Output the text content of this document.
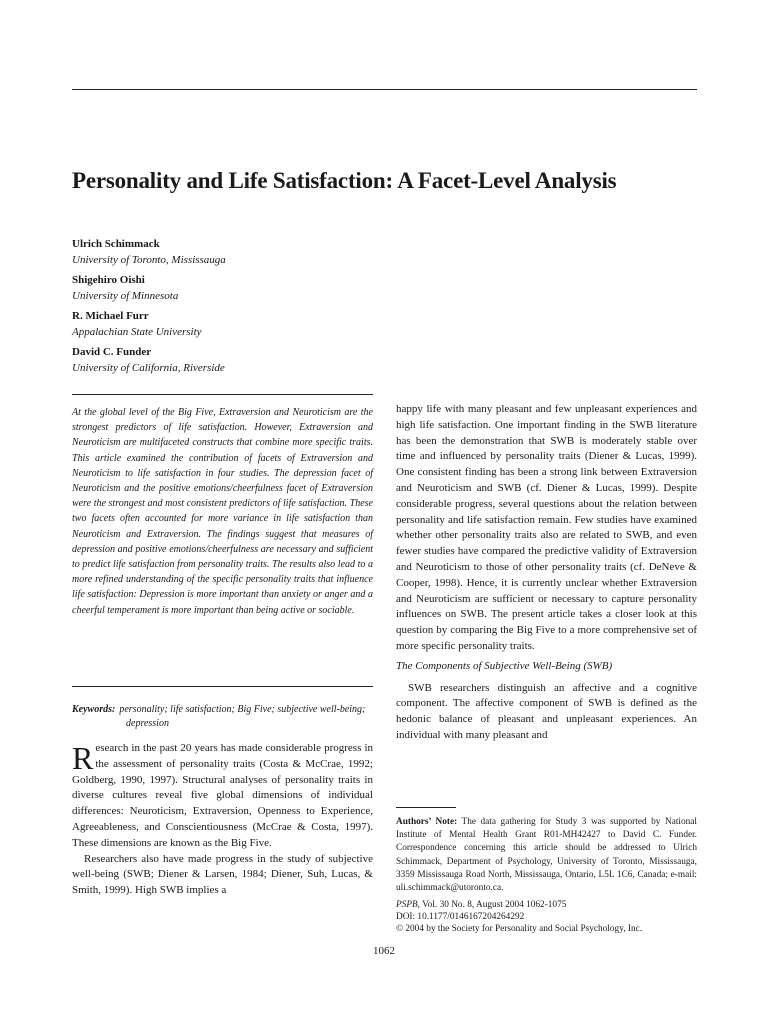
Personality and Life Satisfaction: A Facet-Level Analysis
Ulrich Schimmack
University of Toronto, Mississauga
Shigehiro Oishi
University of Minnesota
R. Michael Furr
Appalachian State University
David C. Funder
University of California, Riverside

At the global level of the Big Five, Extraversion and Neuroticism are the strongest predictors of life satisfaction. However, Extraversion and Neuroticism are multifaceted constructs that combine more specific traits. This article examined the contribution of facets of Extraversion and Neuroticism to life satisfaction in four studies. The depression facet of Neuroticism and the positive emotions/cheerfulness facet of Extraversion were the strongest and most consistent predictors of life satisfaction. These two facets often accounted for more variance in life satisfaction than Neuroticism and Extraversion. The findings suggest that measures of depression and positive emotions/cheerfulness are necessary and sufficient to predict life satisfaction from personality traits. The results also lead to a more refined understanding of the specific personality traits that influence life satisfaction: Depression is more important than anxiety or anger and a cheerful temperament is more important than being active or sociable.

Keywords: personality; life satisfaction; Big Five; subjective well-being; depression

Research in the past 20 years has made considerable progress in the assessment of personality traits (Costa & McCrae, 1992; Goldberg, 1990, 1997). Structural analyses of personality traits in diverse cultures reveal five global dimensions of individual differences: Neuroticism, Extraversion, Openness to Experience, Agreeableness, and Conscientiousness (McCrae & Costa, 1997). These dimensions are known as the Big Five.

Researchers also have made progress in the study of subjective well-being (SWB; Diener & Larsen, 1984; Diener, Suh, Lucas, & Smith, 1999). High SWB implies a

happy life with many pleasant and few unpleasant experiences and high life satisfaction. One important finding in the SWB literature has been the demonstration that SWB is moderately stable over time and influenced by personality traits (Diener & Lucas, 1999). One consistent finding has been a strong link between Extraversion and Neuroticism and SWB (cf. Diener & Lucas, 1999). Despite considerable progress, several questions about the relation between personality and life satisfaction remain. Few studies have examined whether other personality traits also are related to SWB, and even fewer studies have compared the predictive validity of Extraversion and Neuroticism to those of other personality traits (cf. DeNeve & Cooper, 1998). Hence, it is currently unclear whether Extraversion and Neuroticism are sufficient or necessary to capture personality influences on SWB. The present article takes a closer look at this question by comparing the Big Five to a more comprehensive set of more specific personality traits.

The Components of Subjective Well-Being (SWB)

SWB researchers distinguish an affective and a cognitive component. The affective component of SWB is defined as the hedonic balance of pleasant and unpleasant experiences. An individual with many pleasant and

Authors’ Note: The data gathering for Study 3 was supported by National Institute of Mental Health Grant R01-MH42427 to David C. Funder. Correspondence concerning this article should be addressed to Ulrich Schimmack, Department of Psychology, University of Toronto, Mississauga, 3359 Mississauga Road North, Mississauga, Ontario, L5L 1C6, Canada; e-mail: uli.schimmack@utoronto.ca.

PSPB, Vol. 30 No. 8, August 2004 1062-1075
DOI: 10.1177/0146167204264292
© 2004 by the Society for Personality and Social Psychology, Inc.
1062
